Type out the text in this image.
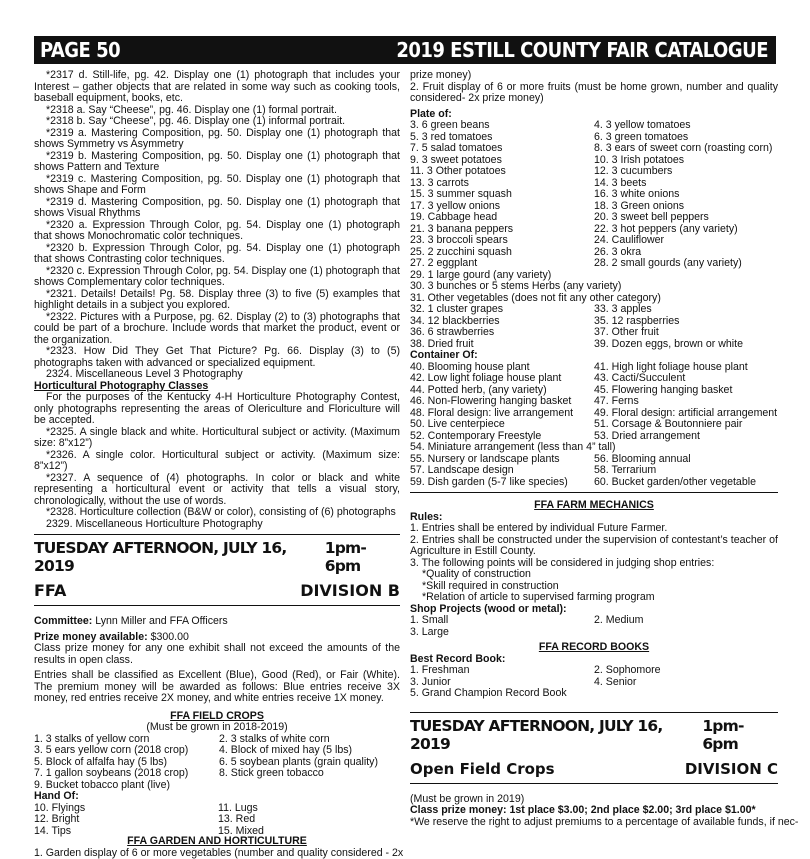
PAGE 50	2019 ESTILL COUNTY FAIR CATALOGUE

*2317 d. Still-life, pg. 42. Display one (1) photograph that includes your Interest – gather objects that are related in some way such as cooking tools, baseball equipment, books, etc.

*2318 a. Say “Cheese”, pg. 46. Display one (1) formal portrait.

*2318 b. Say “Cheese”, pg. 46. Display one (1) informal portrait.

*2319 a. Mastering Composition, pg. 50. Display one (1) photograph that shows Symmetry vs Asymmetry

*2319 b. Mastering Composition, pg. 50. Display one (1) photograph that shows Pattern and Texture

*2319 c. Mastering Composition, pg. 50. Display one (1) photograph that shows Shape and Form

*2319 d. Mastering Composition, pg. 50. Display one (1) photograph that shows Visual Rhythms

*2320 a. Expression Through Color, pg. 54. Display one (1) photograph that shows Monochromatic color techniques.

*2320 b. Expression Through Color, pg. 54. Display one (1) photograph that shows Contrasting color techniques.

*2320 c. Expression Through Color, pg. 54. Display one (1) photograph that shows Complementary color techniques.

*2321. Details! Details! Pg. 58. Display three (3) to five (5) examples that highlight details in a subject you explored.

*2322. Pictures with a Purpose, pg. 62. Display (2) to (3) photographs that could be part of a brochure. Include words that market the product, event or the organization.

*2323. How Did They Get That Picture? Pg. 66. Display (3) to (5) photographs taken with advanced or specialized equipment.

2324. Miscellaneous Level 3 Photography

Horticultural Photography Classes

For the purposes of the Kentucky 4-H Horticulture Photography Contest, only photographs representing the areas of Olericulture and Floriculture will be accepted.

*2325. A single black and white. Horticultural subject or activity. (Maximum size: 8”x12”)

*2326. A single color. Horticultural subject or activity. (Maximum size: 8”x12”)

*2327. A sequence of (4) photographs. In color or black and white representing a horticultural event or activity that tells a visual story, chronologically, without the use of words.

*2328. Horticulture collection (B&W or color), consisting of (6) photographs

2329. Miscellaneous Horticulture Photography

TUESDAY AFTERNOON, JULY 16, 2019
1pm-6pm
FFA	DIVISION B
Committee: Lynn Miller and FFA Officers
Prize money available: $300.00

Class prize money for any one exhibit shall not exceed the amounts of the results in open class.

Entries shall be classified as Excellent (Blue), Good (Red), or Fair (White). The premium money will be awarded as follows: Blue entries receive 3X money, red entries receive 2X money, and white entries receive 1X money.

FFA FIELD CROPS
(Must be grown in 2018-2019)
1. 3 stalks of yellow corn	2. 3 stalks of white corn
3. 5 ears yellow corn (2018 crop)	4. Block of mixed hay (5 lbs)
5. Block of alfalfa hay (5 lbs)	6. 5 soybean plants (grain quality)
7. 1 gallon soybeans (2018 crop)	8. Stick green tobacco
9. Bucket tobacco plant (live)
Hand Of:
10. Flyings	11. Lugs
12. Bright	13. Red
14. Tips	15. Mixed
FFA GARDEN AND HORTICULTURE
1. Garden display of 6 or more vegetables (number and quality considered - 2x
prize money)

2. Fruit display of 6 or more fruits (must be home grown, number and quality considered- 2x prize money)

Plate of:
3. 6 green beans	4. 3 yellow tomatoes
5. 3 red tomatoes	6. 3 green tomatoes
7. 5 salad tomatoes	8. 3 ears of sweet corn (roasting corn)
9. 3 sweet potatoes	10. 3 Irish potatoes
11. 3 Other potatoes	12. 3 cucumbers
13. 3 carrots	14. 3 beets
15. 3 summer squash	16. 3 white onions
17. 3 yellow onions	18. 3 Green onions
19. Cabbage head	20. 3 sweet bell peppers
21. 3 banana peppers	22. 3 hot peppers (any variety)
23. 3 broccoli spears	24. Cauliflower
25. 2 zucchini squash	26. 3 okra
27. 2 eggplant	28. 2 small gourds (any variety)

29. 1 large gourd (any variety)

30. 3 bunches or 5 stems Herbs (any variety)

31. Other vegetables (does not fit any other category)

32. 1 cluster grapes	33. 3 apples
34. 12 blackberries	35. 12 raspberries
36. 6 strawberries	37. Other fruit
38. Dried fruit	39. Dozen eggs, brown or white
Container Of:
40. Blooming house plant	41. High light foliage house plant
42. Low light foliage house plant	43. Cacti/Succulent
44. Potted herb, (any variety)	45. Flowering hanging basket
46. Non-Flowering hanging basket	47. Ferns
48. Floral design: live arrangement	49. Floral design: artificial arrangement
50. Live centerpiece	51. Corsage & Boutonniere pair
52. Contemporary Freestyle	53. Dried arrangement
54. Miniature arrangement (less than 4” tall)
55. Nursery or landscape plants	56. Blooming annual
57. Landscape design	58. Terrarium
59. Dish garden (5-7 like species)	60. Bucket garden/other vegetable
FFA FARM MECHANICS
Rules:

1. Entries shall be entered by individual Future Farmer.

2. Entries shall be constructed under the supervision of contestant’s teacher of Agriculture in Estill County.

3. The following points will be considered in judging shop entries:

*Quality of construction

*Skill required in construction

*Relation of article to supervised farming program

Shop Projects (wood or metal):
1. Small	2. Medium
3. Large
FFA RECORD BOOKS
Best Record Book:
1. Freshman	2. Sophomore
3. Junior	4. Senior
5. Grand Champion Record Book
TUESDAY AFTERNOON, JULY 16, 2019
1pm-6pm
Open Field Crops	DIVISION C
(Must be grown in 2019)
Class prize money: 1st place $3.00; 2nd place $2.00; 3rd place $1.00*
*We reserve the right to adjust premiums to a percentage of available funds, if nec-
